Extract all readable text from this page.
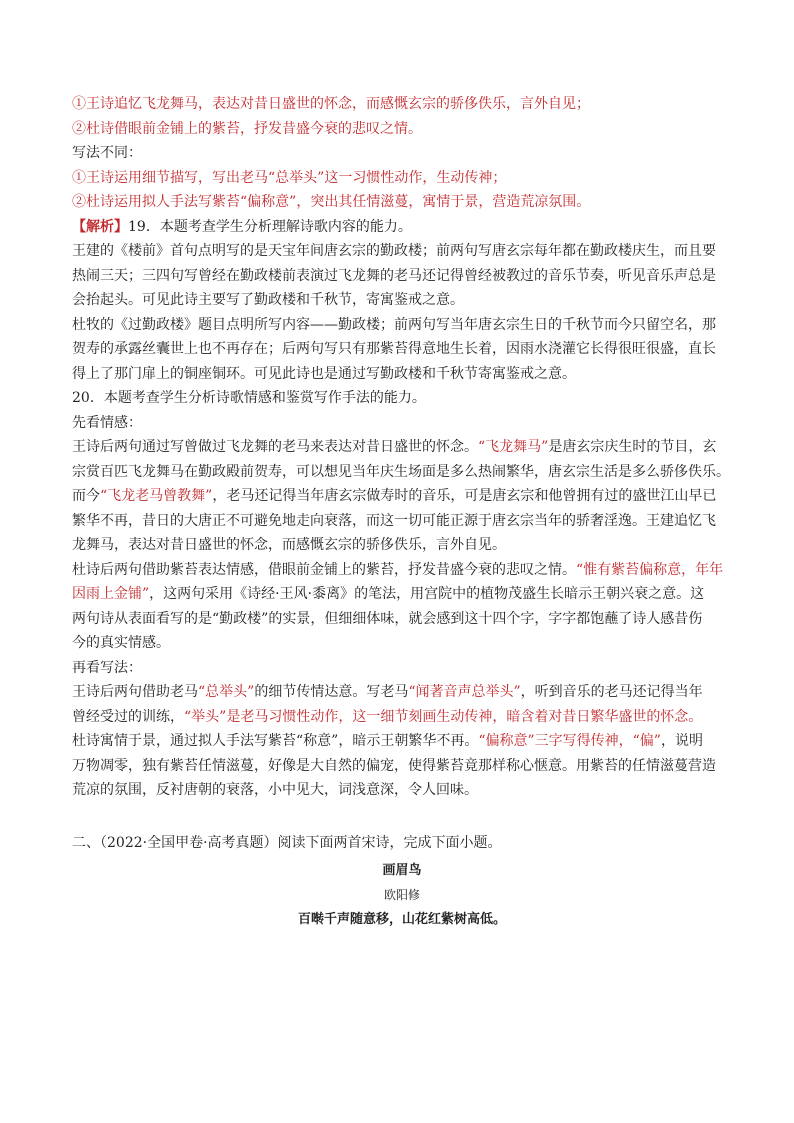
①王诗追忆飞龙舞马，表达对昔日盛世的怀念，而感慨玄宗的骄侈佚乐，言外自见；
②杜诗借眼前金铺上的紫苔，抒发昔盛今衰的悲叹之情。
写法不同：
①王诗运用细节描写，写出老马“总举头”这一习惯性动作，生动传神；
②杜诗运用拟人手法写紫苔“偏称意”，突出其任情滋蔓，寓情于景，营造荒凉氛围。
【解析】19．本题考查学生分析理解诗歌内容的能力。
王建的《楼前》首句点明写的是天宝年间唐玄宗的勤政楼；前两句写唐玄宗每年都在勤政楼庆生，而且要
热闹三天；三四句写曾经在勤政楼前表演过飞龙舞的老马还记得曾经被教过的音乐节奏，听见音乐声总是
会抬起头。可见此诗主要写了勤政楼和千秋节，寄寓鉴戒之意。
杜牧的《过勤政楼》题目点明所写内容——勤政楼；前两句写当年唐玄宗生日的千秋节而今只留空名，那
贺寿的承露丝囊世上也不再存在；后两句写只有那紫苔得意地生长着，因雨水浇灌它长得很旺很盛，直长
得上了那门扉上的铜座铜环。可见此诗也是通过写勤政楼和千秋节寄寓鉴戒之意。
20．本题考查学生分析诗歌情感和鉴赏写作手法的能力。
先看情感：
王诗后两句通过写曾做过飞龙舞的老马来表达对昔日盛世的怀念。“飞龙舞马”是唐玄宗庆生时的节目，玄
宗赏百匹飞龙舞马在勤政殿前贺寿，可以想见当年庆生场面是多么热闹繁华，唐玄宗生活是多么骄侈佚乐。
而今“飞龙老马曾教舞”，老马还记得当年唐玄宗做寿时的音乐，可是唐玄宗和他曾拥有过的盛世江山早已
繁华不再，昔日的大唐正不可避免地走向衰落，而这一切可能正源于唐玄宗当年的骄奢淫逸。王建追忆飞
龙舞马，表达对昔日盛世的怀念，而感慨玄宗的骄侈佚乐，言外自见。
杜诗后两句借助紫苔表达情感，借眼前金铺上的紫苔，抒发昔盛今衰的悲叹之情。“惟有紫苔偏称意，年年
因雨上金铺”，这两句采用《诗经·王风·黍离》的笔法，用宫院中的植物茂盛生长暗示王朝兴衰之意。这
两句诗从表面看写的是“勤政楼”的实景，但细细体味，就会感到这十四个字，字字都饱蘸了诗人感昔伤
今的真实情感。
再看写法：
王诗后两句借助老马“总举头”的细节传情达意。写老马“闻著音声总举头”，听到音乐的老马还记得当年
曾经受过的训练，“举头”是老马习惯性动作，这一细节刻画生动传神，暗含着对昔日繁华盛世的怀念。
杜诗寓情于景，通过拟人手法写紫苔“称意”，暗示王朝繁华不再。“偏称意”三字写得传神，“偏”，说明
万物凋零，独有紫苔任情滋蔓，好像是大自然的偏宠，使得紫苔竟那样称心惬意。用紫苔的任情滋蔓营造
荒凉的氛围，反衬唐朝的衰落，小中见大，词浅意深，令人回味。
二、（2022·全国甲卷·高考真题）阅读下面两首宋诗，完成下面小题。
画眉鸟
欧阳修
百啭千声随意移，山花红紫树高低。
